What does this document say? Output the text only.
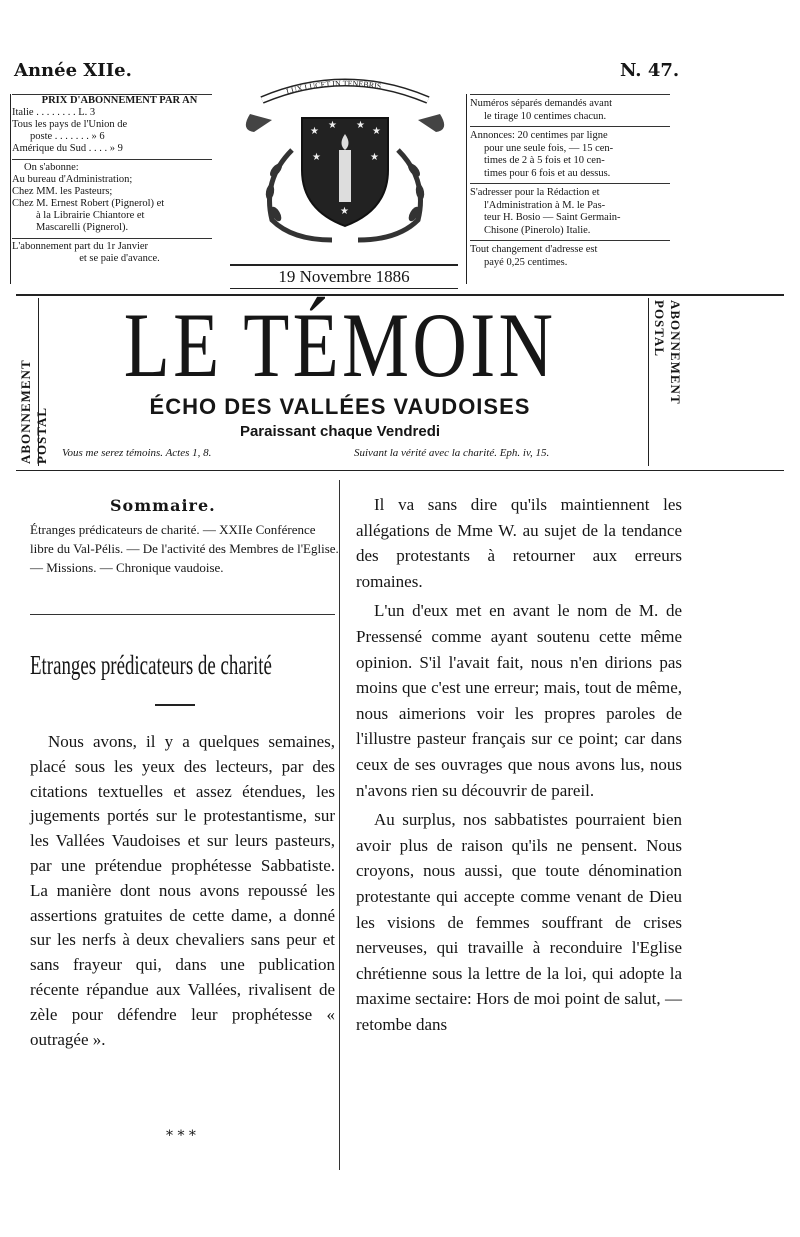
Année XIIe.	N. 47.
PRIX D'ABONNEMENT PAR AN
Italie . . . . . . . . L. 3
Tous les pays de l'Union de
poste . . . . . . . » 6
Amérique du Sud . . . . » 9
On s'abonne:
Au bureau d'Administration;
Chez MM. les Pasteurs;
Chez M. Ernest Robert (Pignerol) et
à la Librairie Chiantore et
Mascarelli (Pignerol).
L'abonnement part du 1r Janvier
et se paie d'avance.
LUX LUCET IN TENEBRIS
★
★ ★
★
★	★
★
19 Novembre 1886
Numéros séparés demandés avant
le tirage 10 centimes chacun.
Annonces: 20 centimes par ligne
pour une seule fois, — 15 cen-
times de 2 à 5 fois et 10 cen-
times pour 6 fois et au dessus.
S'adresser pour la Rédaction et
l'Administration à M. le Pas-
teur H. Bosio — Saint Germain-
Chisone (Pinerolo) Italie.
Tout changement d'adresse est
payé 0,25 centimes.
ABONNEMENT POSTAL
ABONNEMENT POSTAL
LE TÉMOIN
ÉCHO DES VALLÉES VAUDOISES
Paraissant chaque Vendredi
Vous me serez témoins. Actes 1, 8.	Suivant la vérité avec la charité. Eph. iv, 15.
Sommaire.
Étranges prédicateurs de charité. — XXIIe Conférence libre du Val-Pélis. — De l'activité des Membres de l'Eglise. — Missions. — Chronique vaudoise.
Etranges prédicateurs de charité

Nous avons, il y a quelques semaines, placé sous les yeux des lecteurs, par des citations textuelles et assez étendues, les jugements portés sur le protestantisme, sur les Vallées Vaudoises et sur leurs pasteurs, par une prétendue prophétesse Sabbatiste. La manière dont nous avons repoussé les assertions gratuites de cette dame, a donné sur les nerfs à deux chevaliers sans peur et sans frayeur qui, dans une publication récente répandue aux Vallées, rivalisent de zèle pour défendre leur prophétesse « outragée ».

* * *

Il va sans dire qu'ils maintiennent les allégations de Mme W. au sujet de la tendance des protestants à retourner aux erreurs romaines.

L'un d'eux met en avant le nom de M. de Pressensé comme ayant soutenu cette même opinion. S'il l'avait fait, nous n'en dirions pas moins que c'est une erreur; mais, tout de même, nous aimerions voir les propres paroles de l'illustre pasteur français sur ce point; car dans ceux de ses ouvrages que nous avons lus, nous n'avons rien su découvrir de pareil.

Au surplus, nos sabbatistes pourraient bien avoir plus de raison qu'ils ne pensent. Nous croyons, nous aussi, que toute dénomination protestante qui accepte comme venant de Dieu les visions de femmes souffrant de crises nerveuses, qui travaille à reconduire l'Eglise chrétienne sous la lettre de la loi, qui adopte la maxime sectaire: Hors de moi point de salut, — retombe dans
